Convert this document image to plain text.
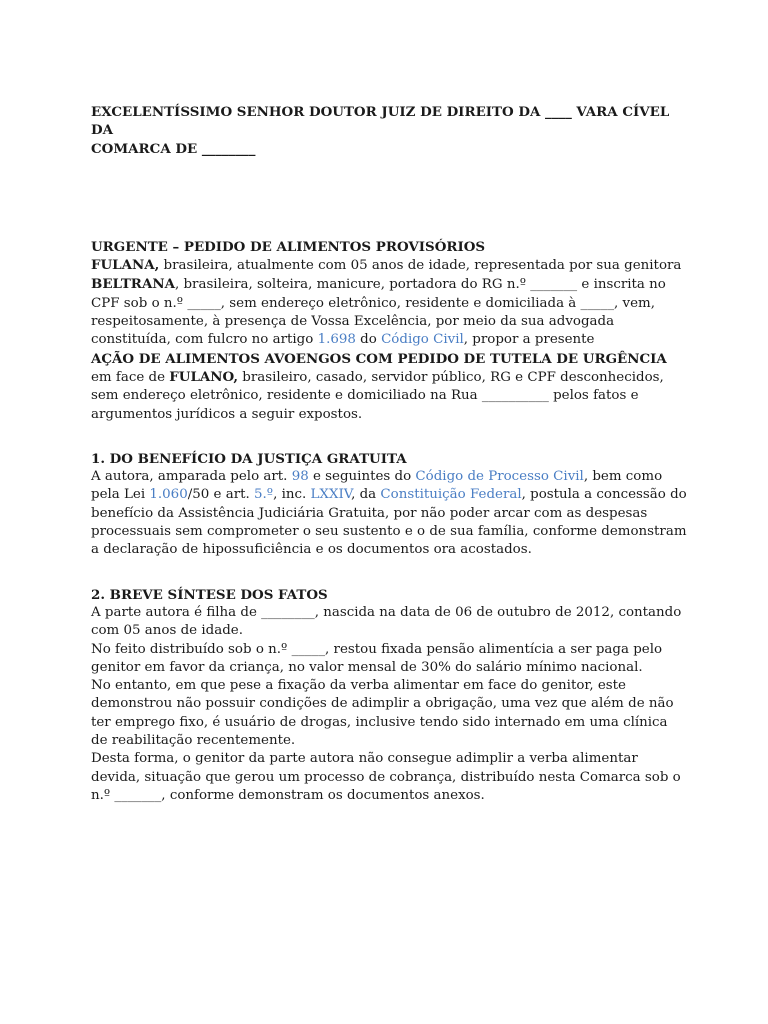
EXCELENTÍSSIMO SENHOR DOUTOR JUIZ DE DIREITO DA ____ VARA CÍVEL DA
COMARCA DE ________

URGENTE – PEDIDO DE ALIMENTOS PROVISÓRIOS

FULANA, brasileira, atualmente com 05 anos de idade, representada por sua genitora BELTRANA, brasileira, solteira, manicure, portadora do RG n.º _______ e inscrita no CPF sob o n.º _____, sem endereço eletrônico, residente e domiciliada à _____, vem, respeitosamente, à presença de Vossa Excelência, por meio da sua advogada constituída, com fulcro no artigo 1.698 do Código Civil, propor a presente

AÇÃO DE ALIMENTOS AVOENGOS COM PEDIDO DE TUTELA DE URGÊNCIA

em face de FULANO, brasileiro, casado, servidor público, RG e CPF desconhecidos, sem endereço eletrônico, residente e domiciliado na Rua __________ pelos fatos e argumentos jurídicos a seguir expostos.

1. DO BENEFÍCIO DA JUSTIÇA GRATUITA

A autora, amparada pelo art. 98 e seguintes do Código de Processo Civil, bem como pela Lei 1.060/50 e art. 5.º, inc. LXXIV, da Constituição Federal, postula a concessão do benefício da Assistência Judiciária Gratuita, por não poder arcar com as despesas processuais sem comprometer o seu sustento e o de sua família, conforme demonstram a declaração de hipossuficiência e os documentos ora acostados.

2. BREVE SÍNTESE DOS FATOS

A parte autora é filha de ________, nascida na data de 06 de outubro de 2012, contando com 05 anos de idade.

No feito distribuído sob o n.º _____, restou fixada pensão alimentícia a ser paga pelo genitor em favor da criança, no valor mensal de 30% do salário mínimo nacional.

No entanto, em que pese a fixação da verba alimentar em face do genitor, este demonstrou não possuir condições de adimplir a obrigação, uma vez que além de não ter emprego fixo, é usuário de drogas, inclusive tendo sido internado em uma clínica de reabilitação recentemente.

Desta forma, o genitor da parte autora não consegue adimplir a verba alimentar devida, situação que gerou um processo de cobrança, distribuído nesta Comarca sob o n.º _______, conforme demonstram os documentos anexos.
